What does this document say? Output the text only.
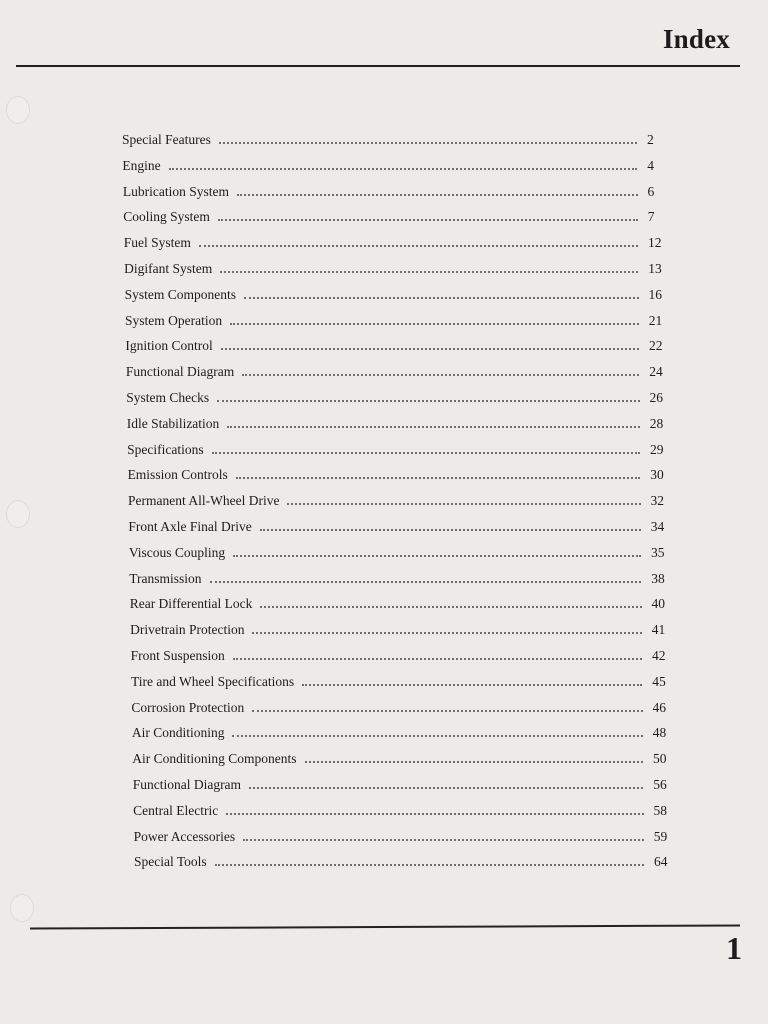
Index
Special Features	2
Engine	4
Lubrication System	6
Cooling System	7
Fuel System	12
Digifant System	13
System Components	16
System Operation	21
Ignition Control	22
Functional Diagram	24
System Checks	26
Idle Stabilization	28
Specifications	29
Emission Controls	30
Permanent All-Wheel Drive	32
Front Axle Final Drive	34
Viscous Coupling	35
Transmission	38
Rear Differential Lock	40
Drivetrain Protection	41
Front Suspension	42
Tire and Wheel Specifications	45
Corrosion Protection	46
Air Conditioning	48
Air Conditioning Components	50
Functional Diagram	56
Central Electric	58
Power Accessories	59
Special Tools	64
1
